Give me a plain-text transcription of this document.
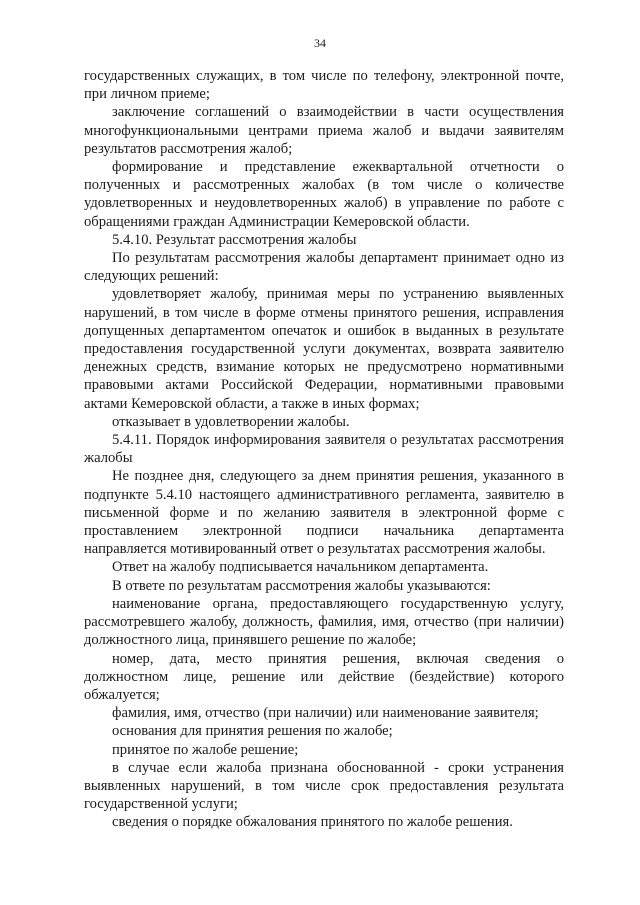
34

государственных служащих, в том числе по телефону, электронной почте, при личном приеме;

заключение соглашений о взаимодействии в части осуществления многофункциональными центрами приема жалоб и выдачи заявителям результатов рассмотрения жалоб;

формирование и представление ежеквартальной отчетности о полученных и рассмотренных жалобах (в том числе о количестве удовлетворенных и неудовлетворенных жалоб) в управление по работе с обращениями граждан Администрации Кемеровской области.

5.4.10. Результат рассмотрения жалобы

По результатам рассмотрения жалобы департамент принимает одно из следующих решений:

удовлетворяет жалобу, принимая меры по устранению выявленных нарушений, в том числе в форме отмены принятого решения, исправления допущенных департаментом опечаток и ошибок в выданных в результате предоставления государственной услуги документах, возврата заявителю денежных средств, взимание которых не предусмотрено нормативными правовыми актами Российской Федерации, нормативными правовыми актами Кемеровской области, а также в иных формах;

отказывает в удовлетворении жалобы.

5.4.11. Порядок информирования заявителя о результатах рассмотрения жалобы

Не позднее дня, следующего за днем принятия решения, указанного в подпункте 5.4.10 настоящего административного регламента, заявителю в письменной форме и по желанию заявителя в электронной форме с проставлением электронной подписи начальника департамента направляется мотивированный ответ о результатах рассмотрения жалобы.

Ответ на жалобу подписывается начальником департамента.

В ответе по результатам рассмотрения жалобы указываются:

наименование органа, предоставляющего государственную услугу, рассмотревшего жалобу, должность, фамилия, имя, отчество (при наличии) должностного лица, принявшего решение по жалобе;

номер, дата, место принятия решения, включая сведения о должностном лице, решение или действие (бездействие) которого обжалуется;

фамилия, имя, отчество (при наличии) или наименование заявителя;

основания для принятия решения по жалобе;

принятое по жалобе решение;

в случае если жалоба признана обоснованной - сроки устранения выявленных нарушений, в том числе срок предоставления результата государственной услуги;

сведения о порядке обжалования принятого по жалобе решения.
